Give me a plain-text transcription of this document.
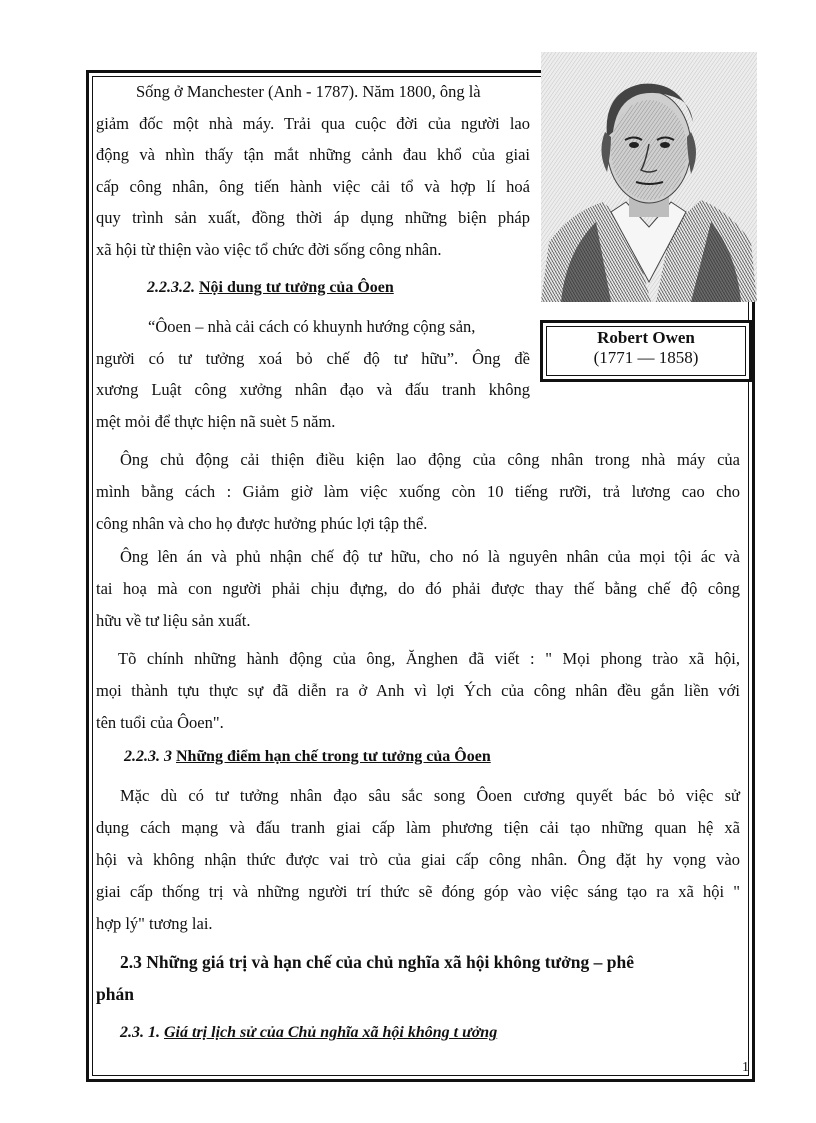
Robert Owen
(1771 — 1858)
Sống ở Manchester (Anh - 1787). Năm 1800, ông là
giảm đốc một nhà máy. Trải qua cuộc đời của người lao
động và nhìn thấy tận mắt những cảnh đau khổ của giai
cấp công nhân, ông tiến hành việc cải tổ và hợp lí hoá
quy trình sản xuất, đồng thời áp dụng những biện pháp
xã hội từ thiện vào việc tổ chức đời sống công nhân.
2.2.3.2. Nội dung tư tưởng của Ôoen
“Ôoen – nhà cải cách có khuynh hướng cộng sản,
người có tư tưởng xoá bỏ chế độ tư hữu”. Ông đề
xương Luật công xưởng nhân đạo và đấu tranh không
mệt mỏi để thực hiện nã suèt 5 năm.
Ông chủ động cải thiện điều kiện lao động của công nhân trong nhà máy của
mình bằng cách : Giảm giờ làm việc xuống còn 10 tiếng rưỡi, trả lương cao cho
công nhân và cho họ được hưởng phúc lợi tập thể.
Ông lên án và phủ nhận chế độ tư hữu, cho nó là nguyên nhân của mọi tội ác và
tai hoạ mà con người phải chịu đựng, do đó phải được thay thế bằng chế độ công
hữu về tư liệu sản xuất.
Tõ chính những hành động của ông, Ănghen đã viết : " Mọi phong trào xã hội,
mọi thành tựu thực sự đã diễn ra ở Anh vì lợi Ých của công nhân đều gắn liền với
tên tuổi của Ôoen".
2.2.3. 3 Những điểm hạn chế trong tư tưởng của Ôoen
Mặc dù có tư tưởng nhân đạo sâu sắc song Ôoen cương quyết bác bỏ việc sử
dụng cách mạng và đấu tranh giai cấp làm phương tiện cải tạo những quan hệ xã
hội và không nhận thức được vai trò của giai cấp công nhân. Ông đặt hy vọng vào
giai cấp thống trị và những người trí thức sẽ đóng góp vào việc sáng tạo ra xã hội "
hợp lý" tương lai.
2.3 Những giá trị và hạn chế của chủ nghĩa xã hội không tưởng – phê
phán
2.3. 1. Giá trị lịch sử của Chủ nghĩa xã hội không t ưởng
1
